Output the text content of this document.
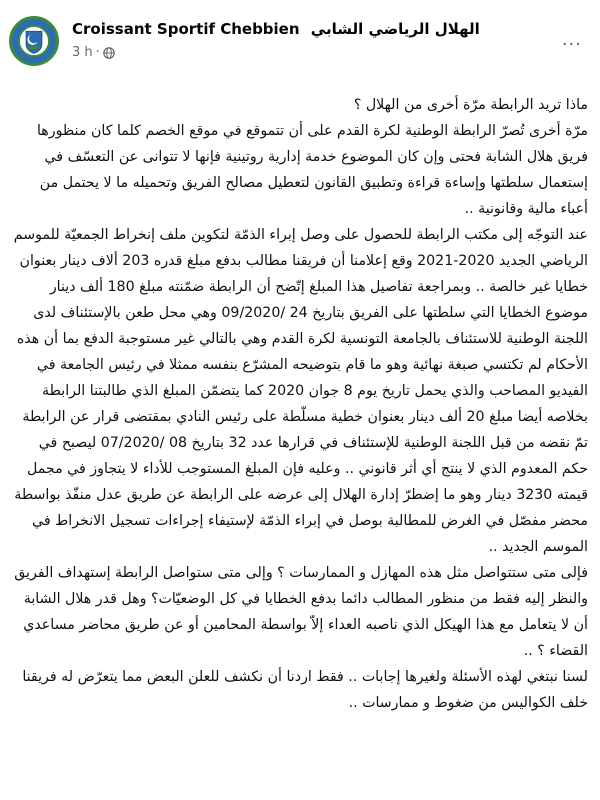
Croissant Sportif Chebbien الهلال الرياضي الشابي
3 h ·	···

ماذا تريد الرابطة مرّة أخرى من الهلال ؟

مرّة أخرى تُصرّ الرابطة الوطنية لكرة القدم على أن تتموقع في موقع الخصم كلما كان منظورها فريق هلال الشابة فحتى وإن كان الموضوع خدمة إدارية روتينية فإنها لا تتوانى عن التعسّف في إستعمال سلطتها وإساءة قراءة وتطبيق القانون لتعطيل مصالح الفريق وتحميله ما لا يحتمل من أعباء مالية وقانونية ..

عند التوجّه إلى مكتب الرابطة للحصول على وصل إبراء الذمّة لتكوين ملف إنخراط الجمعيّة للموسم الرياضي الجديد 2020-2021 وقع إعلامنا أن فريقنا مطالب بدفع مبلغ قدره 203 ألاف دينار بعنوان خطايا غير خالصة .. وبمراجعة تفاصيل هذا المبلغ إتّضح أن الرابطة ضمّنته مبلغ 180 ألف دينار موضوع الخطايا التي سلطتها على الفريق بتاريخ 24 /09/2020 وهي محل طعن بالإستئناف لدى اللجنة الوطنية للاستئناف بالجامعة التونسية لكرة القدم وهي بالتالي غير مستوجبة الدفع بما أن هذه الأحكام لم تكتسي صبغة نهائية وهو ما قام بتوضيحه المشرّع بنفسه ممثلا في رئيس الجامعة في الفيديو المصاحب والذي يحمل تاريخ يوم 8 جوان 2020 كما يتضمّن المبلغ الذي طالبتنا الرابطة بخلاصه أيضا مبلغ 20 ألف دينار بعنوان خطية مسلّطة على رئيس النادي بمقتضى قرار عن الرابطة تمّ نقضه من قبل اللجنة الوطنية للإستئناف في قرارها عدد 32 بتاريخ 08 /07/2020 ليصبح في حكم المعدوم الذي لا ينتج أي أثر قانوني .. وعليه فإن المبلغ المستوجب للأداء لا يتجاوز في مجمل قيمته 3230 دينار وهو ما إضطرّ إدارة الهلال إلى عرضه على الرابطة عن طريق عدل منفّذ بواسطة محضر مفصّل في الغرض للمطالبة بوصل في إبراء الذمّة لإستيفاء إجراءات تسجيل الانخراط في الموسم الجديد ..

فإلى متى ستتواصل مثل هذه المهازل و الممارسات ؟ وإلى متى ستواصل الرابطة إستهداف الفريق والنظر إليه فقط من منظور المطالب دائما بدفع الخطايا في كل الوضعيّات؟ وهل قدر هلال الشابة أن لا يتعامل مع هذا الهيكل الذي ناصبه العداء إلاّ بواسطة المحامين أو عن طريق محاضر مساعدي القضاء ؟ ..

لسنا نبتغي لهذه الأسئلة ولغيرها إجابات .. فقط اردنا أن نكشف للعلن البعض مما يتعرّض له فريقنا خلف الكواليس من ضغوط و ممارسات ..
